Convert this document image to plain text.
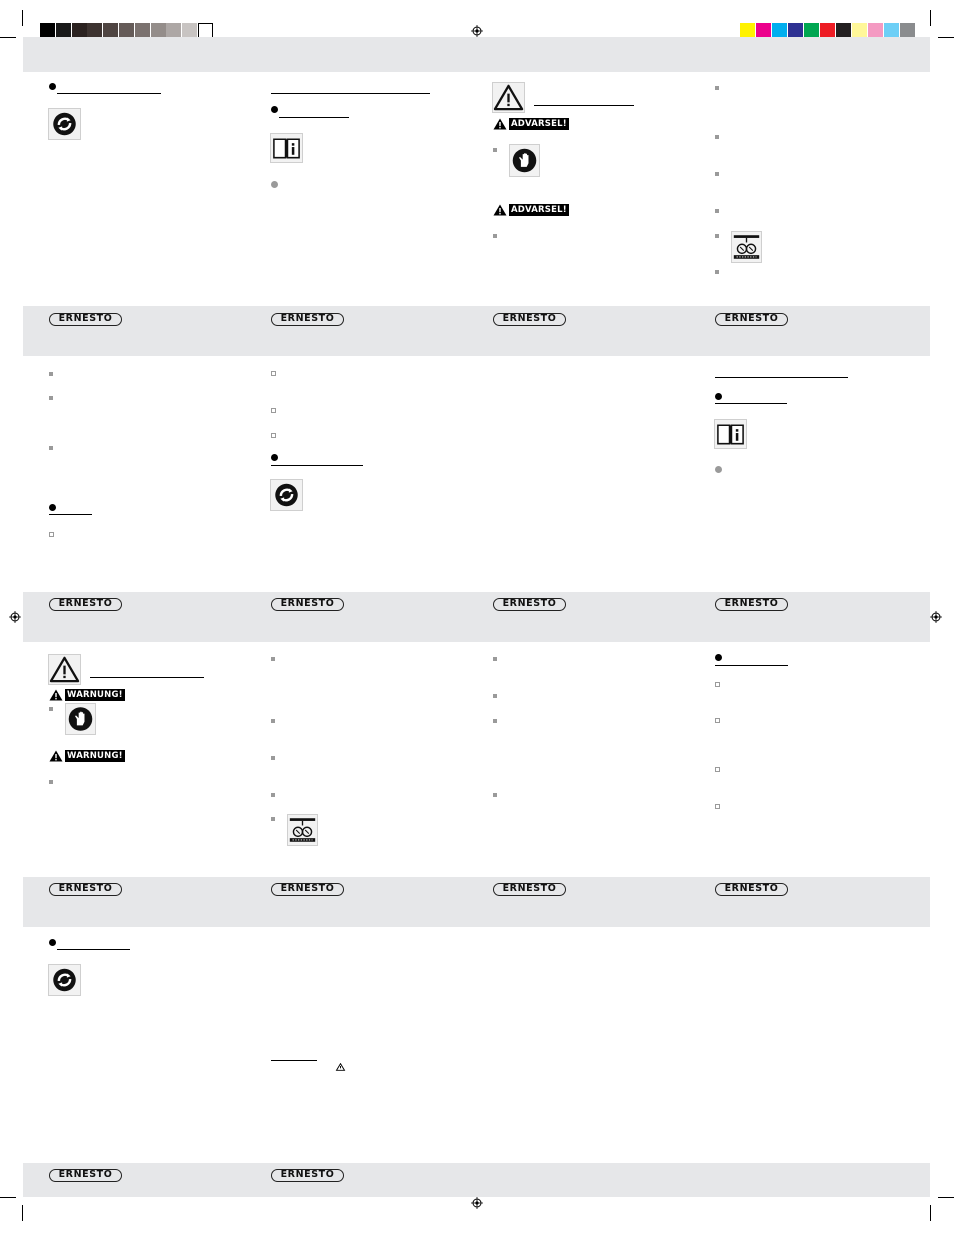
ERNESTO	ERNESTO	ERNESTO	ERNESTO
ERNESTO	ERNESTO	ERNESTO	ERNESTO
ERNESTO	ERNESTO	ERNESTO	ERNESTO
ERNESTO	ERNESTO
ADVARSEL!
ADVARSEL!
WARNUNG!
WARNUNG!
